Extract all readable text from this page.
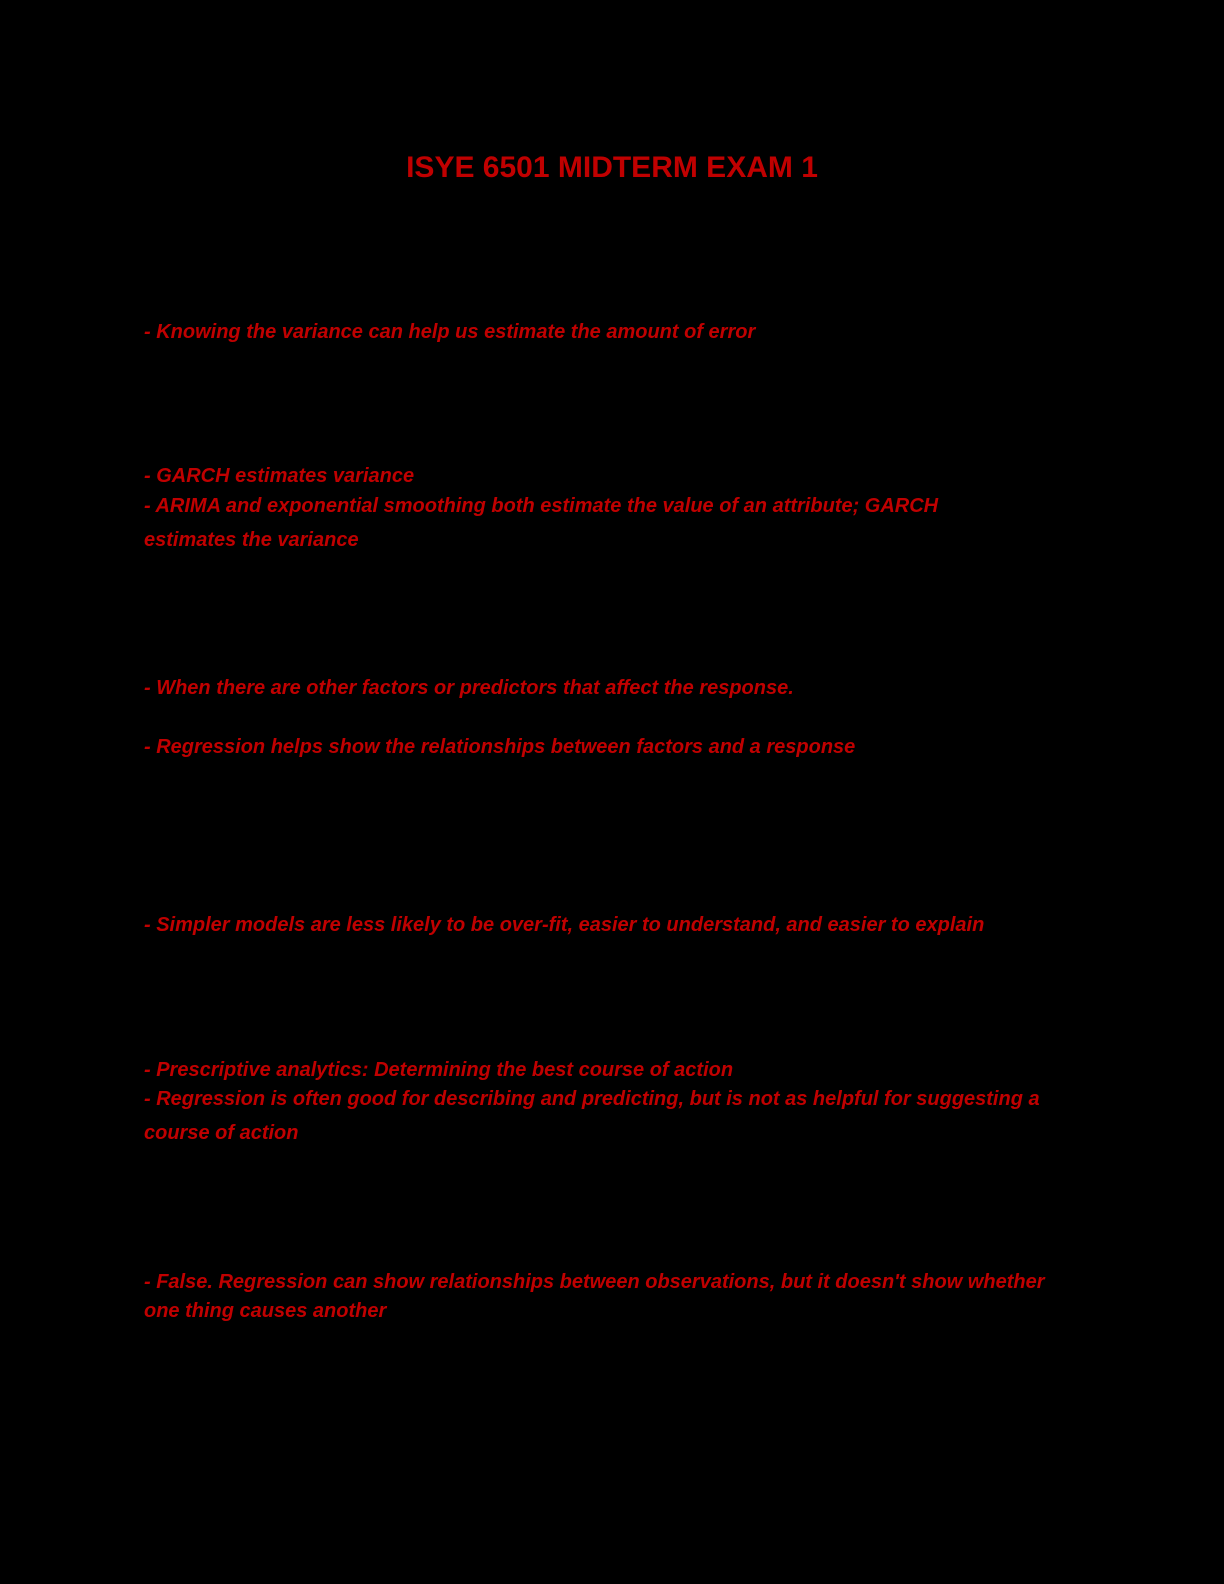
ISYE 6501 MIDTERM EXAM 1
- Knowing the variance can help us estimate the amount of error
- GARCH estimates variance
- ARIMA and exponential smoothing both estimate the value of an attribute; GARCH
estimates the variance
- When there are other factors or predictors that affect the response.
- Regression helps show the relationships between factors and a response
- Simpler models are less likely to be over-fit, easier to understand, and easier to explain
- Prescriptive analytics: Determining the best course of action
- Regression is often good for describing and predicting, but is not as helpful for suggesting a
course of action
- False. Regression can show relationships between observations, but it doesn't show whether
one thing causes another
